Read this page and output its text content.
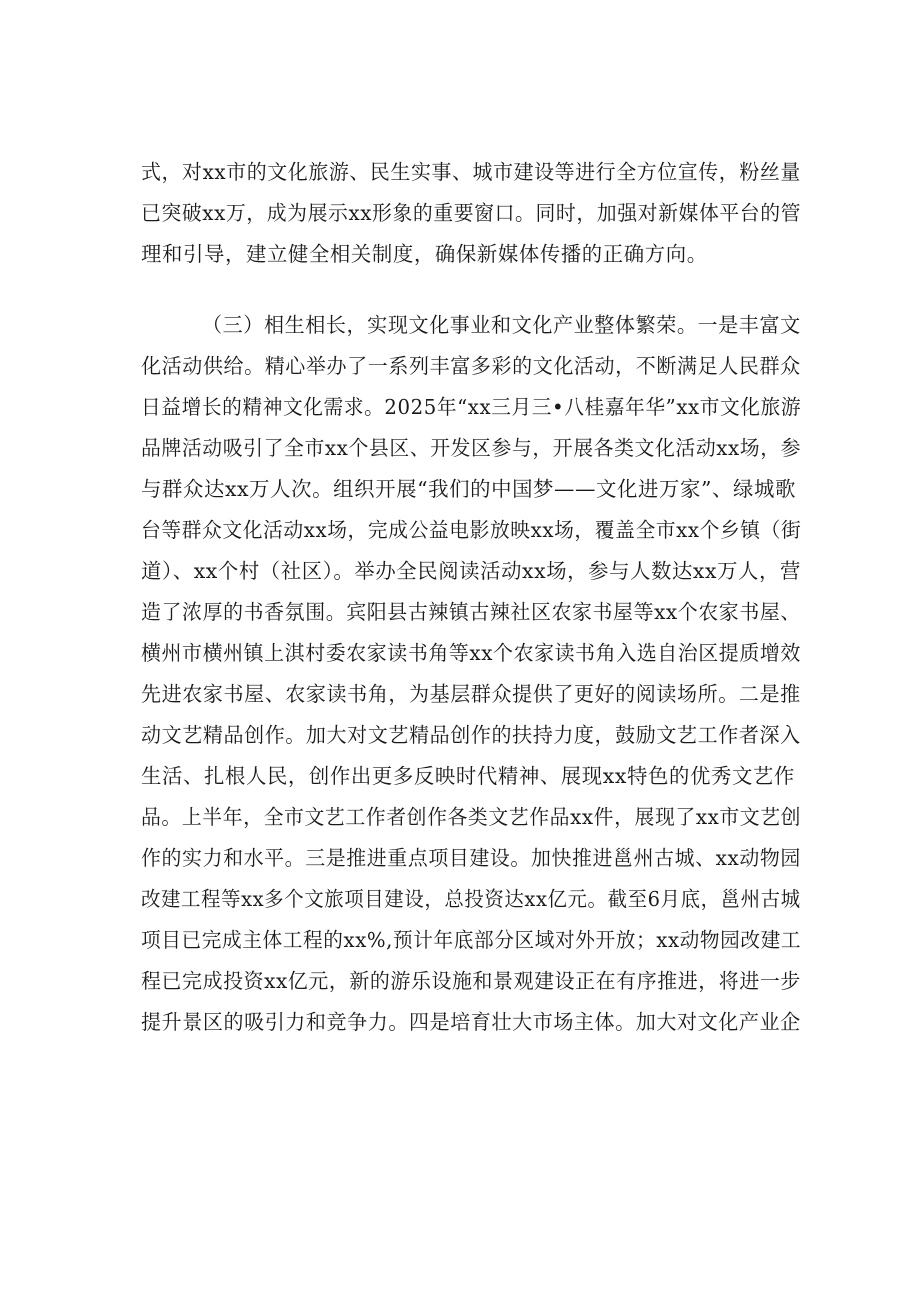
式，对xx市的文化旅游、民生实事、城市建设等进行全方位宣传，粉丝量
已突破xx万，成为展示xx形象的重要窗口。同时，加强对新媒体平台的管
理和引导，建立健全相关制度，确保新媒体传播的正确方向。
（三）相生相长，实现文化事业和文化产业整体繁荣。一是丰富文
化活动供给。精心举办了一系列丰富多彩的文化活动，不断满足人民群众
日益增长的精神文化需求。2025年“xx三月三•八桂嘉年华”xx市文化旅游
品牌活动吸引了全市xx个县区、开发区参与，开展各类文化活动xx场，参
与群众达xx万人次。组织开展“我们的中国梦——文化进万家”、绿城歌
台等群众文化活动xx场，完成公益电影放映xx场，覆盖全市xx个乡镇（街
道）、xx个村（社区）。举办全民阅读活动xx场，参与人数达xx万人，营
造了浓厚的书香氛围。宾阳县古辣镇古辣社区农家书屋等xx个农家书屋、
横州市横州镇上淇村委农家读书角等xx个农家读书角入选自治区提质增效
先进农家书屋、农家读书角，为基层群众提供了更好的阅读场所。二是推
动文艺精品创作。加大对文艺精品创作的扶持力度，鼓励文艺工作者深入
生活、扎根人民，创作出更多反映时代精神、展现xx特色的优秀文艺作
品。上半年，全市文艺工作者创作各类文艺作品xx件，展现了xx市文艺创
作的实力和水平。三是推进重点项目建设。加快推进邕州古城、xx动物园
改建工程等xx多个文旅项目建设，总投资达xx亿元。截至6月底，邕州古城
项目已完成主体工程的xx%,预计年底部分区域对外开放；xx动物园改建工
程已完成投资xx亿元，新的游乐设施和景观建设正在有序推进，将进一步
提升景区的吸引力和竞争力。四是培育壮大市场主体。加大对文化产业企
